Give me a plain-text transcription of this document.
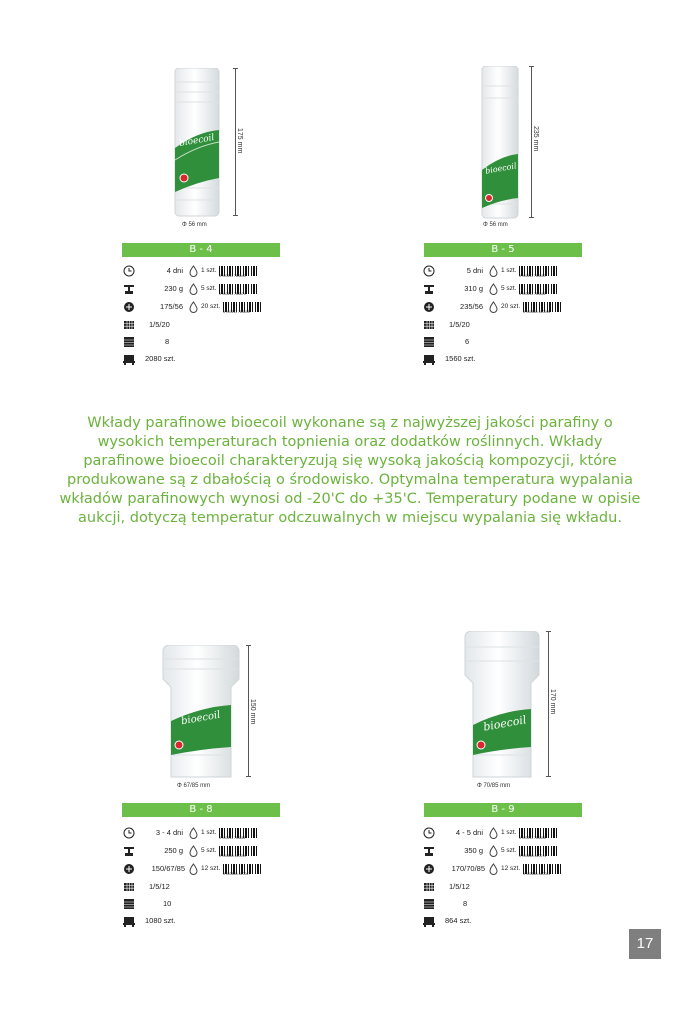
bioecoil	175 mm
Φ 56 mm
B - 4
4 dni	1 szt.
5 903111 784643
230 g	5 szt.
5 903111 784674
175/56	20 szt.
5 903111 784605
1/5/20
8
2080 szt.
bioecoil
235 mm
Φ 56 mm
B - 5
5 dni	1 szt.
5 903111 784650
310 g	5 szt.
5 903111 784681
235/56	20 szt.
5 903883 810005
1/5/20
6
1560 szt.

Wkłady parafinowe bioecoil wykonane są z najwyższej jakości parafiny o wysokich temperaturach topnienia oraz dodatków roślinnych. Wkłady parafinowe bioecoil charakteryzują się wysoką jakością kompozycji, które produkowane są z dbałością o środowisko. Optymalna temperatura wypalania wkładów parafinowych wynosi od -20'C do +35'C. Temperatury podane w opisie aukcji, dotyczą temperatur odczuwalnych w miejscu wypalania się wkładu.

bioecoil	150 mm
Φ 67/85 mm
B - 8
3 - 4 dni	1 szt.
5 903111 784681
250 g	5 szt.
5 903883 810050
150/67/85 12 szt.
5 903883 810067
1/5/12
10
1080 szt.
bioecoil
170 mm
Φ 70/85 mm
B - 9
4 - 5 dni	1 szt.
5 903111 784698
350 g	5 szt.
5 903883 810074
170/70/85 12 szt.
5 903883 810081
1/5/12
8
864 szt.
17
